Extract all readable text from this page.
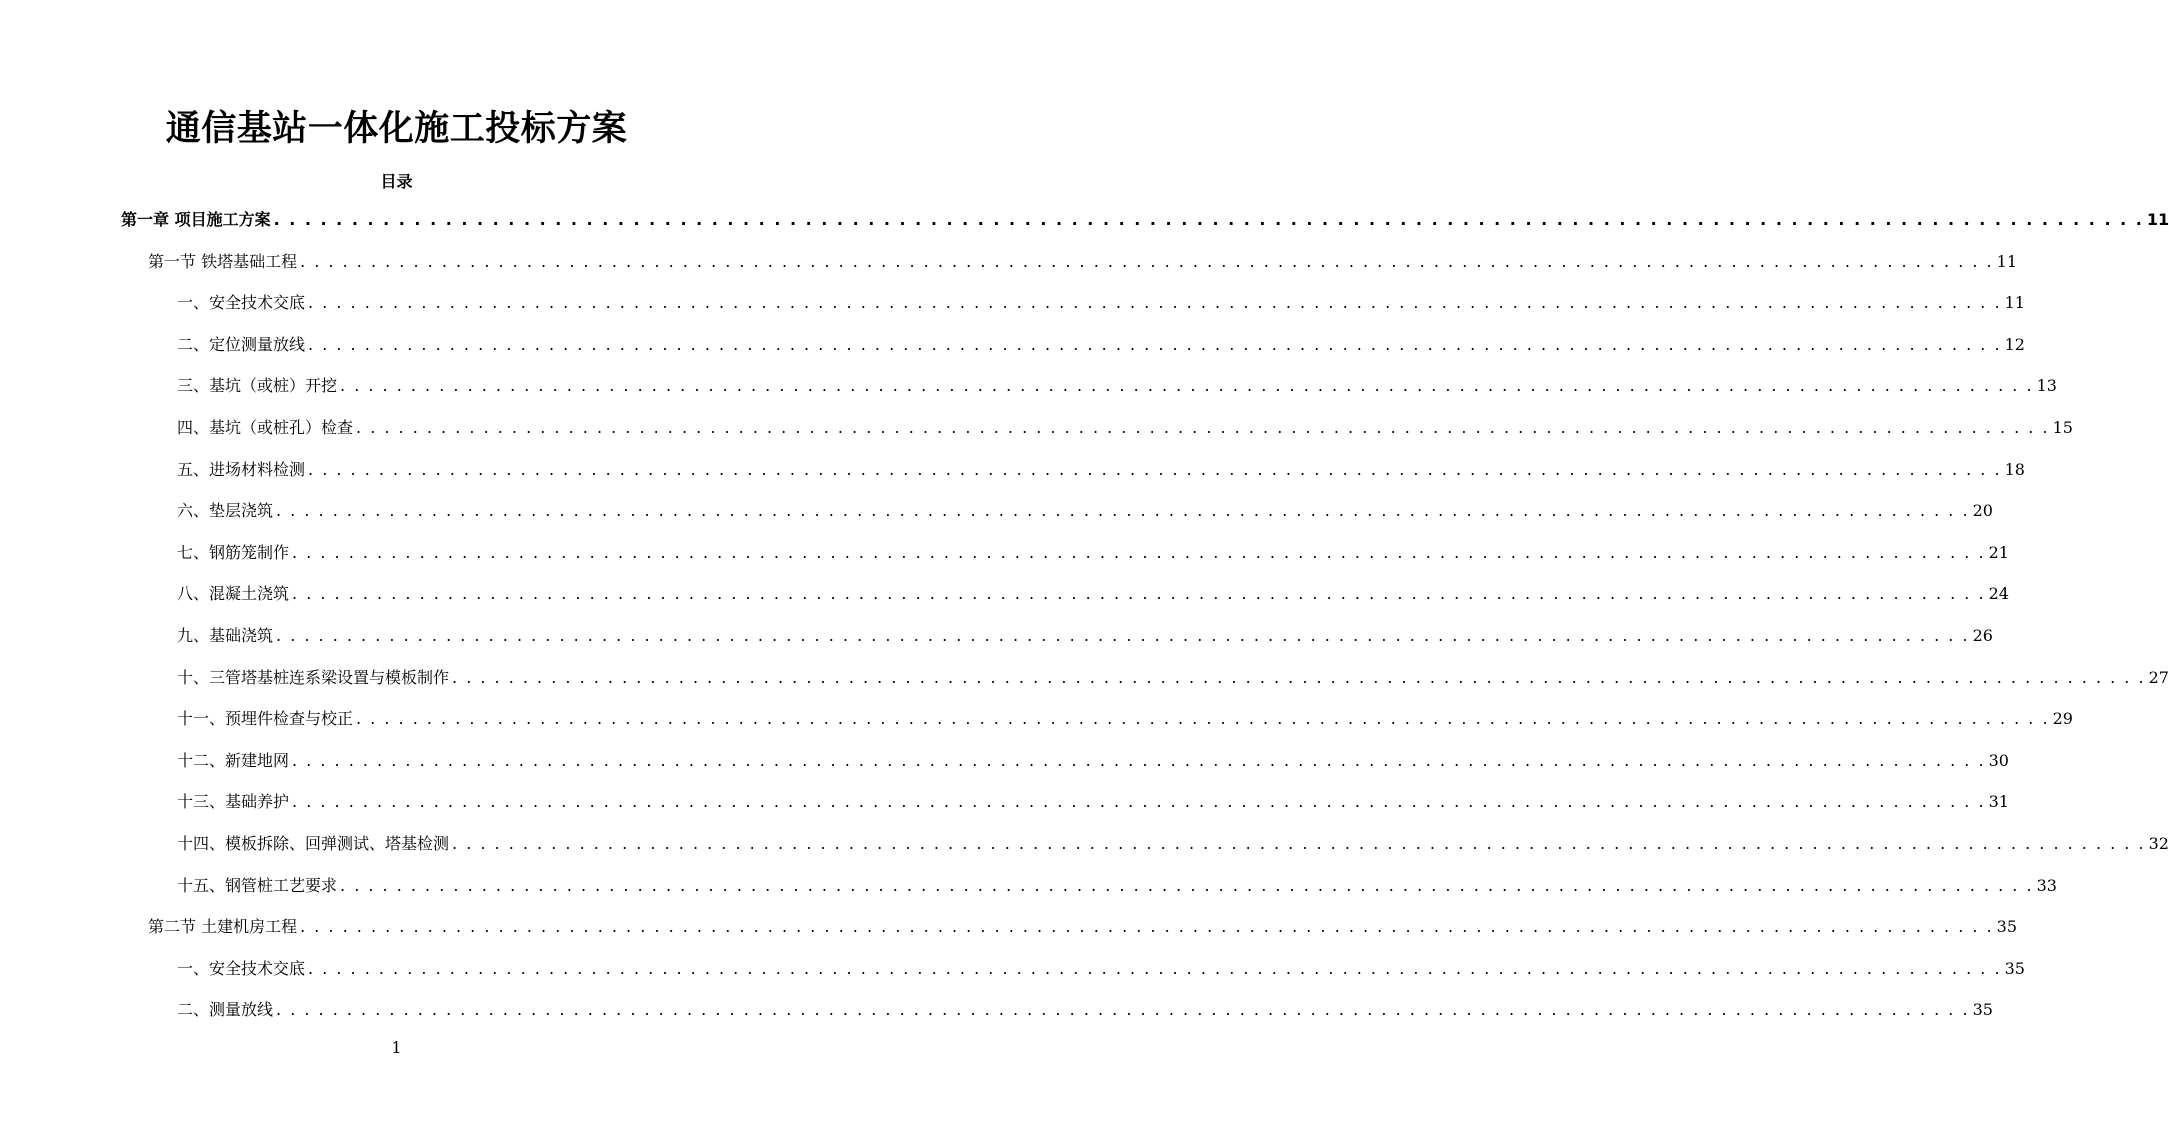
通信基站一体化施工投标方案
目录
第一章 项目施工方案 . . . . . . . . . . . . . . . . . . . . . . . . . . . . . . . . . . . . . . . . . . . . . . . . . . . . . . . . . . . . . . . . . . . . . . . . . . . . . . . . . . . . . . . . . . . . . . . . . . . . . . . . . . . . . . . . . . . . . . . . 11
第一节 铁塔基础工程 . . . . . . . . . . . . . . . . . . . . . . . . . . . . . . . . . . . . . . . . . . . . . . . . . . . . . . . . . . . . . . . . . . . . . . . . . . . . . . . . . . . . . . . . . . . . . . . . . . . . . . . . . . . . . . . . . . . . . . . . 11
一、安全技术交底 . . . . . . . . . . . . . . . . . . . . . . . . . . . . . . . . . . . . . . . . . . . . . . . . . . . . . . . . . . . . . . . . . . . . . . . . . . . . . . . . . . . . . . . . . . . . . . . . . . . . . . . . . . . . . . . . . . . . . . . . 11
二、定位测量放线 . . . . . . . . . . . . . . . . . . . . . . . . . . . . . . . . . . . . . . . . . . . . . . . . . . . . . . . . . . . . . . . . . . . . . . . . . . . . . . . . . . . . . . . . . . . . . . . . . . . . . . . . . . . . . . . . . . . . . . . . 12
三、基坑（或桩）开挖 . . . . . . . . . . . . . . . . . . . . . . . . . . . . . . . . . . . . . . . . . . . . . . . . . . . . . . . . . . . . . . . . . . . . . . . . . . . . . . . . . . . . . . . . . . . . . . . . . . . . . . . . . . . . . . . . . . . . . . . . 13
四、基坑（或桩孔）检查 . . . . . . . . . . . . . . . . . . . . . . . . . . . . . . . . . . . . . . . . . . . . . . . . . . . . . . . . . . . . . . . . . . . . . . . . . . . . . . . . . . . . . . . . . . . . . . . . . . . . . . . . . . . . . . . . . . . . . . . . 15
五、进场材料检测 . . . . . . . . . . . . . . . . . . . . . . . . . . . . . . . . . . . . . . . . . . . . . . . . . . . . . . . . . . . . . . . . . . . . . . . . . . . . . . . . . . . . . . . . . . . . . . . . . . . . . . . . . . . . . . . . . . . . . . . . 18
六、垫层浇筑 . . . . . . . . . . . . . . . . . . . . . . . . . . . . . . . . . . . . . . . . . . . . . . . . . . . . . . . . . . . . . . . . . . . . . . . . . . . . . . . . . . . . . . . . . . . . . . . . . . . . . . . . . . . . . . . . . . . . . . . . 20
七、钢筋笼制作 . . . . . . . . . . . . . . . . . . . . . . . . . . . . . . . . . . . . . . . . . . . . . . . . . . . . . . . . . . . . . . . . . . . . . . . . . . . . . . . . . . . . . . . . . . . . . . . . . . . . . . . . . . . . . . . . . . . . . . . . 21
八、混凝土浇筑 . . . . . . . . . . . . . . . . . . . . . . . . . . . . . . . . . . . . . . . . . . . . . . . . . . . . . . . . . . . . . . . . . . . . . . . . . . . . . . . . . . . . . . . . . . . . . . . . . . . . . . . . . . . . . . . . . . . . . . . . 24
九、基础浇筑 . . . . . . . . . . . . . . . . . . . . . . . . . . . . . . . . . . . . . . . . . . . . . . . . . . . . . . . . . . . . . . . . . . . . . . . . . . . . . . . . . . . . . . . . . . . . . . . . . . . . . . . . . . . . . . . . . . . . . . . . 26
十、三管塔基桩连系梁设置与模板制作 . . . . . . . . . . . . . . . . . . . . . . . . . . . . . . . . . . . . . . . . . . . . . . . . . . . . . . . . . . . . . . . . . . . . . . . . . . . . . . . . . . . . . . . . . . . . . . . . . . . . . . . . . . . . . . . . . . . . . . . . 27
十一、预埋件检查与校正 . . . . . . . . . . . . . . . . . . . . . . . . . . . . . . . . . . . . . . . . . . . . . . . . . . . . . . . . . . . . . . . . . . . . . . . . . . . . . . . . . . . . . . . . . . . . . . . . . . . . . . . . . . . . . . . . . . . . . . . . 29
十二、新建地网 . . . . . . . . . . . . . . . . . . . . . . . . . . . . . . . . . . . . . . . . . . . . . . . . . . . . . . . . . . . . . . . . . . . . . . . . . . . . . . . . . . . . . . . . . . . . . . . . . . . . . . . . . . . . . . . . . . . . . . . . 30
十三、基础养护 . . . . . . . . . . . . . . . . . . . . . . . . . . . . . . . . . . . . . . . . . . . . . . . . . . . . . . . . . . . . . . . . . . . . . . . . . . . . . . . . . . . . . . . . . . . . . . . . . . . . . . . . . . . . . . . . . . . . . . . . 31
十四、模板拆除、回弹测试、塔基检测 . . . . . . . . . . . . . . . . . . . . . . . . . . . . . . . . . . . . . . . . . . . . . . . . . . . . . . . . . . . . . . . . . . . . . . . . . . . . . . . . . . . . . . . . . . . . . . . . . . . . . . . . . . . . . . . . . . . . . . . . 32
十五、钢管桩工艺要求 . . . . . . . . . . . . . . . . . . . . . . . . . . . . . . . . . . . . . . . . . . . . . . . . . . . . . . . . . . . . . . . . . . . . . . . . . . . . . . . . . . . . . . . . . . . . . . . . . . . . . . . . . . . . . . . . . . . . . . . . 33
第二节 土建机房工程 . . . . . . . . . . . . . . . . . . . . . . . . . . . . . . . . . . . . . . . . . . . . . . . . . . . . . . . . . . . . . . . . . . . . . . . . . . . . . . . . . . . . . . . . . . . . . . . . . . . . . . . . . . . . . . . . . . . . . . . . 35
一、安全技术交底 . . . . . . . . . . . . . . . . . . . . . . . . . . . . . . . . . . . . . . . . . . . . . . . . . . . . . . . . . . . . . . . . . . . . . . . . . . . . . . . . . . . . . . . . . . . . . . . . . . . . . . . . . . . . . . . . . . . . . . . . 35
二、测量放线 . . . . . . . . . . . . . . . . . . . . . . . . . . . . . . . . . . . . . . . . . . . . . . . . . . . . . . . . . . . . . . . . . . . . . . . . . . . . . . . . . . . . . . . . . . . . . . . . . . . . . . . . . . . . . . . . . . . . . . . . 35
1
